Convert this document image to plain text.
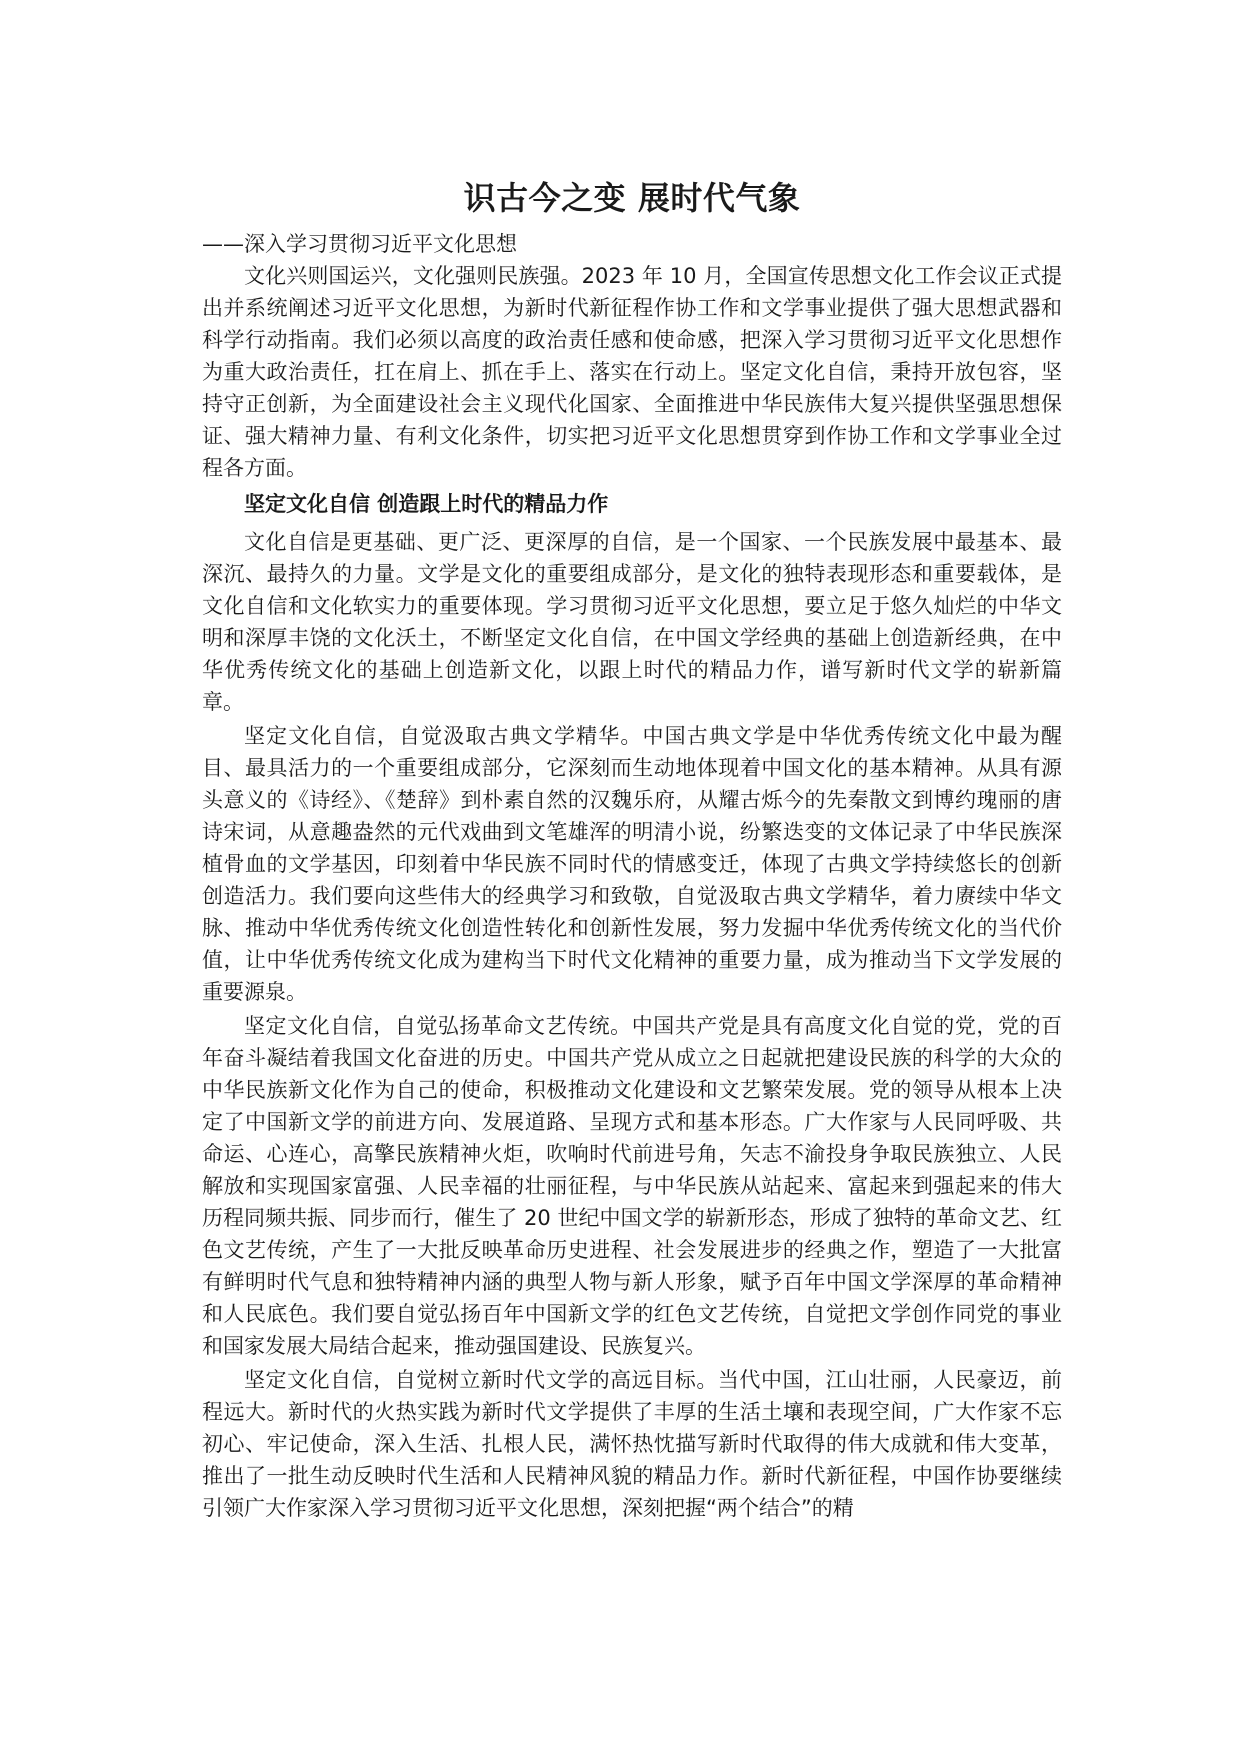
识古今之变 展时代气象

——深入学习贯彻习近平文化思想

文化兴则国运兴，文化强则民族强。2023 年 10 月，全国宣传思想文化工作会议正式提出并系统阐述习近平文化思想，为新时代新征程作协工作和文学事业提供了强大思想武器和科学行动指南。我们必须以高度的政治责任感和使命感，把深入学习贯彻习近平文化思想作为重大政治责任，扛在肩上、抓在手上、落实在行动上。坚定文化自信，秉持开放包容，坚持守正创新，为全面建设社会主义现代化国家、全面推进中华民族伟大复兴提供坚强思想保证、强大精神力量、有利文化条件，切实把习近平文化思想贯穿到作协工作和文学事业全过程各方面。

坚定文化自信 创造跟上时代的精品力作

文化自信是更基础、更广泛、更深厚的自信，是一个国家、一个民族发展中最基本、最深沉、最持久的力量。文学是文化的重要组成部分，是文化的独特表现形态和重要载体，是文化自信和文化软实力的重要体现。学习贯彻习近平文化思想，要立足于悠久灿烂的中华文明和深厚丰饶的文化沃土，不断坚定文化自信，在中国文学经典的基础上创造新经典，在中华优秀传统文化的基础上创造新文化，以跟上时代的精品力作，谱写新时代文学的崭新篇章。

坚定文化自信，自觉汲取古典文学精华。中国古典文学是中华优秀传统文化中最为醒目、最具活力的一个重要组成部分，它深刻而生动地体现着中国文化的基本精神。从具有源头意义的《诗经》、《楚辞》到朴素自然的汉魏乐府，从耀古烁今的先秦散文到博约瑰丽的唐诗宋词，从意趣盎然的元代戏曲到文笔雄浑的明清小说，纷繁迭变的文体记录了中华民族深植骨血的文学基因，印刻着中华民族不同时代的情感变迁，体现了古典文学持续悠长的创新创造活力。我们要向这些伟大的经典学习和致敬，自觉汲取古典文学精华，着力赓续中华文脉、推动中华优秀传统文化创造性转化和创新性发展，努力发掘中华优秀传统文化的当代价值，让中华优秀传统文化成为建构当下时代文化精神的重要力量，成为推动当下文学发展的重要源泉。

坚定文化自信，自觉弘扬革命文艺传统。中国共产党是具有高度文化自觉的党，党的百年奋斗凝结着我国文化奋进的历史。中国共产党从成立之日起就把建设民族的科学的大众的中华民族新文化作为自己的使命，积极推动文化建设和文艺繁荣发展。党的领导从根本上决定了中国新文学的前进方向、发展道路、呈现方式和基本形态。广大作家与人民同呼吸、共命运、心连心，高擎民族精神火炬，吹响时代前进号角，矢志不渝投身争取民族独立、人民解放和实现国家富强、人民幸福的壮丽征程，与中华民族从站起来、富起来到强起来的伟大历程同频共振、同步而行，催生了 20 世纪中国文学的崭新形态，形成了独特的革命文艺、红色文艺传统，产生了一大批反映革命历史进程、社会发展进步的经典之作，塑造了一大批富有鲜明时代气息和独特精神内涵的典型人物与新人形象，赋予百年中国文学深厚的革命精神和人民底色。我们要自觉弘扬百年中国新文学的红色文艺传统，自觉把文学创作同党的事业和国家发展大局结合起来，推动强国建设、民族复兴。

坚定文化自信，自觉树立新时代文学的高远目标。当代中国，江山壮丽，人民豪迈，前程远大。新时代的火热实践为新时代文学提供了丰厚的生活土壤和表现空间，广大作家不忘初心、牢记使命，深入生活、扎根人民，满怀热忱描写新时代取得的伟大成就和伟大变革，推出了一批生动反映时代生活和人民精神风貌的精品力作。新时代新征程，中国作协要继续引领广大作家深入学习贯彻习近平文化思想，深刻把握“两个结合”的精
